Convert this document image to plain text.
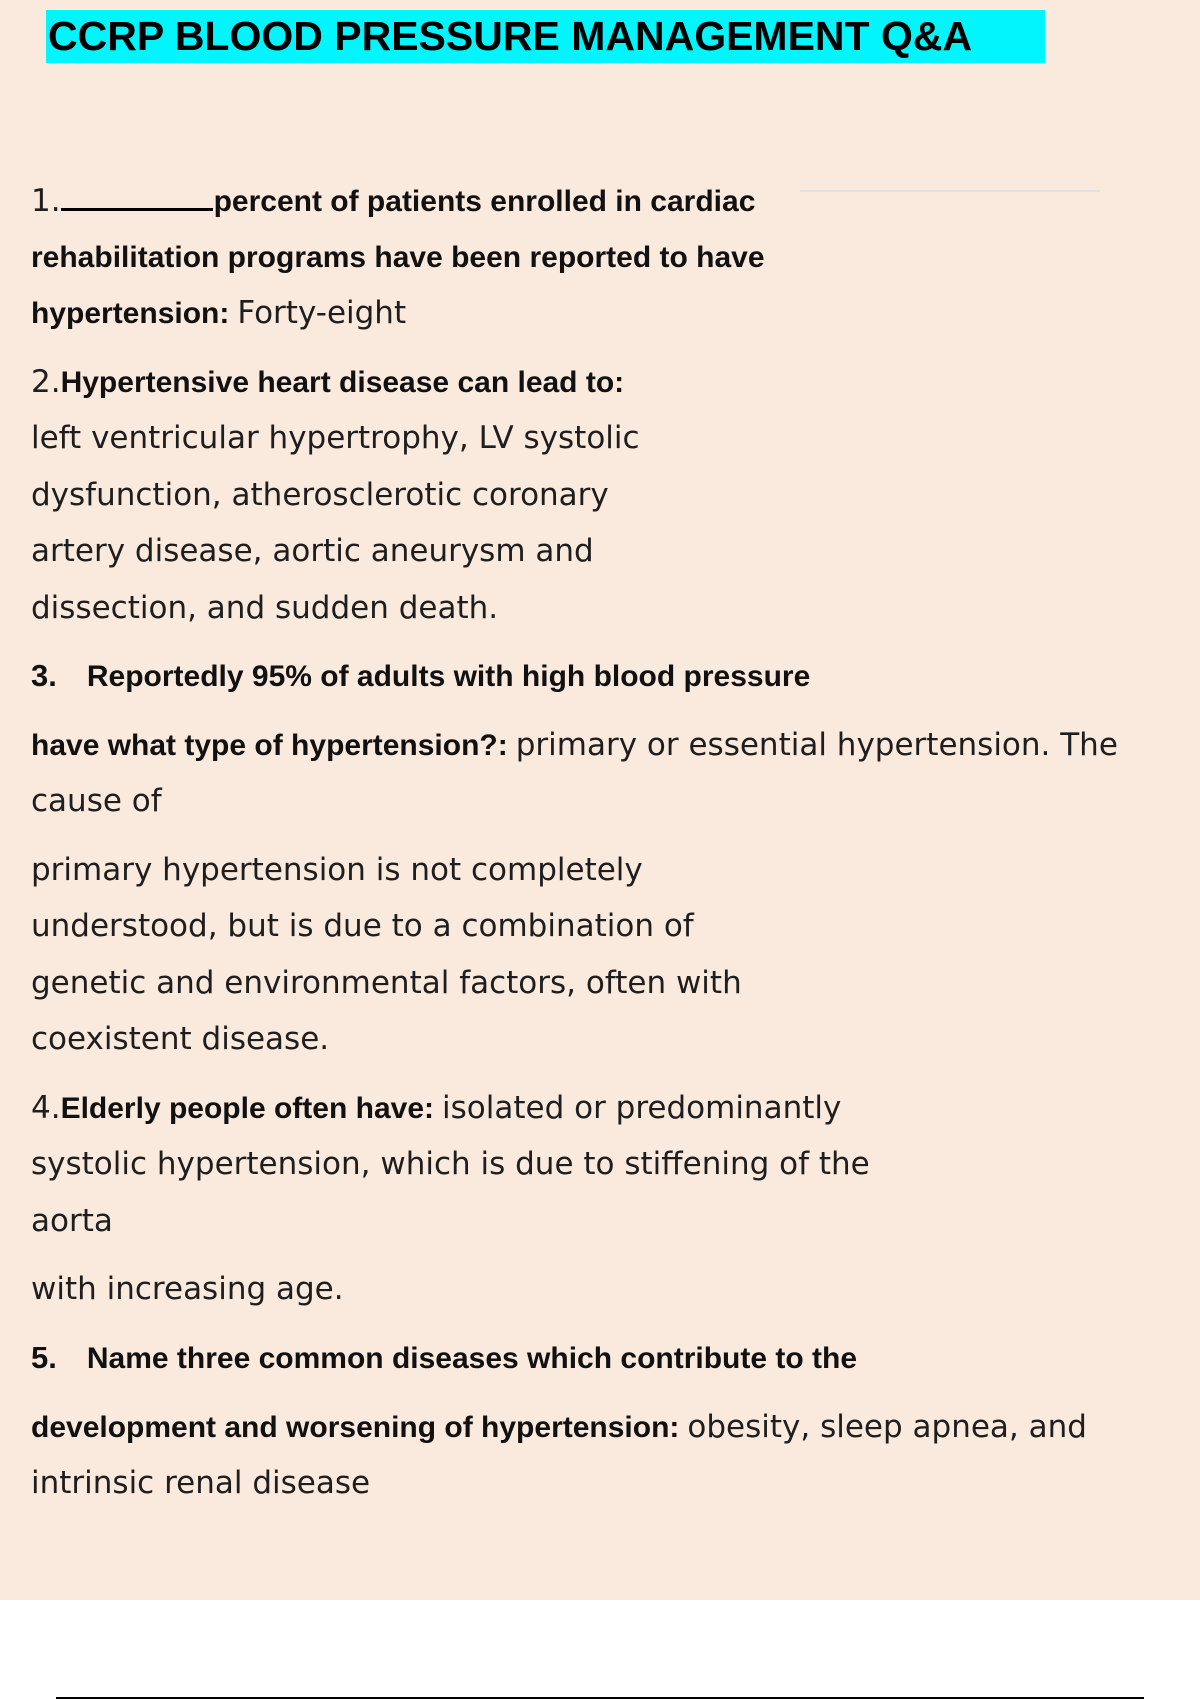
CCRP BLOOD PRESSURE MANAGEMENT Q&A
1.	percent of patients enrolled in cardiac
rehabilitation programs have been reported to have
hypertension: Forty-eight
2.Hypertensive heart disease can lead to:
left ventricular hypertrophy, LV systolic
dysfunction, atherosclerotic coronary
artery disease, aortic aneurysm and
dissection, and sudden death.
3. Reportedly 95% of adults with high blood pressure
have what type of hypertension?: primary or essential hypertension. The
cause of
primary hypertension is not completely
understood, but is due to a combination of
genetic and environmental factors, often with
coexistent disease.
4.Elderly people often have: isolated or predominantly
systolic hypertension, which is due to stiffening of the
aorta
with increasing age.
5. Name three common diseases which contribute to the
development and worsening of hypertension: obesity, sleep apnea, and
intrinsic renal disease
